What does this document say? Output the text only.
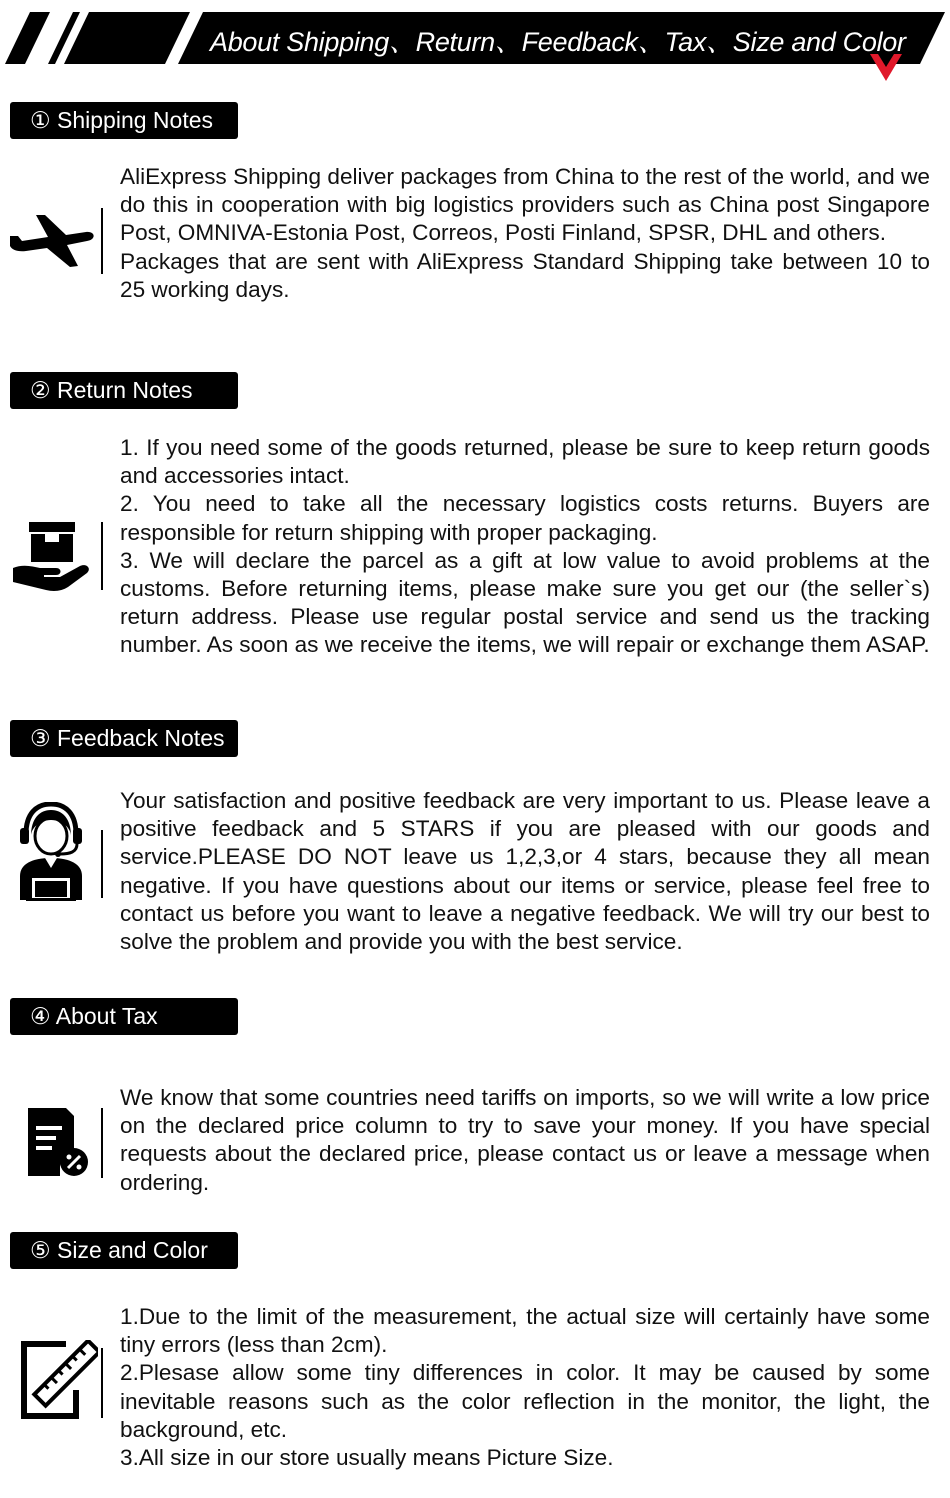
About Shipping、Return、Feedback、Tax、Size and Color
① Shipping Notes

AliExpress Shipping deliver packages from China to the rest of the world, and we do this in cooperation with big logistics providers such as China post Singapore Post, OMNIVA-Estonia Post, Correos, Posti Finland, SPSR, DHL and others.

Packages that are sent with AliExpress Standard Shipping take between 10 to 25 working days.

② Return Notes

1. If you need some of the goods returned, please be sure to keep return goods and accessories intact.

2. You need to take all the necessary logistics costs returns. Buyers are responsible for return shipping with proper packaging.

3. We will declare the parcel as a gift at low value to avoid problems at the customs. Before returning items, please make sure you get our (the seller`s) return address. Please use regular postal service and send us the tracking number. As soon as we receive the items, we will repair or exchange them ASAP.

③ Feedback Notes

Your satisfaction and positive feedback are very important to us. Please leave a positive feedback and 5 STARS if you are pleased with our goods and service.PLEASE DO NOT leave us 1,2,3,or 4 stars, because they all mean negative. If you have questions about our items or service, please feel free to contact us before you want to leave a negative feedback. We will try our best to solve the problem and provide you with the best service.

④ About Tax

We know that some countries need tariffs on imports, so we will write a low price on the declared price column to try to save your money. If you have special requests about the declared price, please contact us or leave a message when ordering.

⑤ Size and Color

1.Due to the limit of the measurement, the actual size will certainly have some tiny errors (less than 2cm).

2.Plesase allow some tiny differences in color. It may be caused by some inevitable reasons such as the color reflection in the monitor, the light, the background, etc.

3.All size in our store usually means Picture Size.
